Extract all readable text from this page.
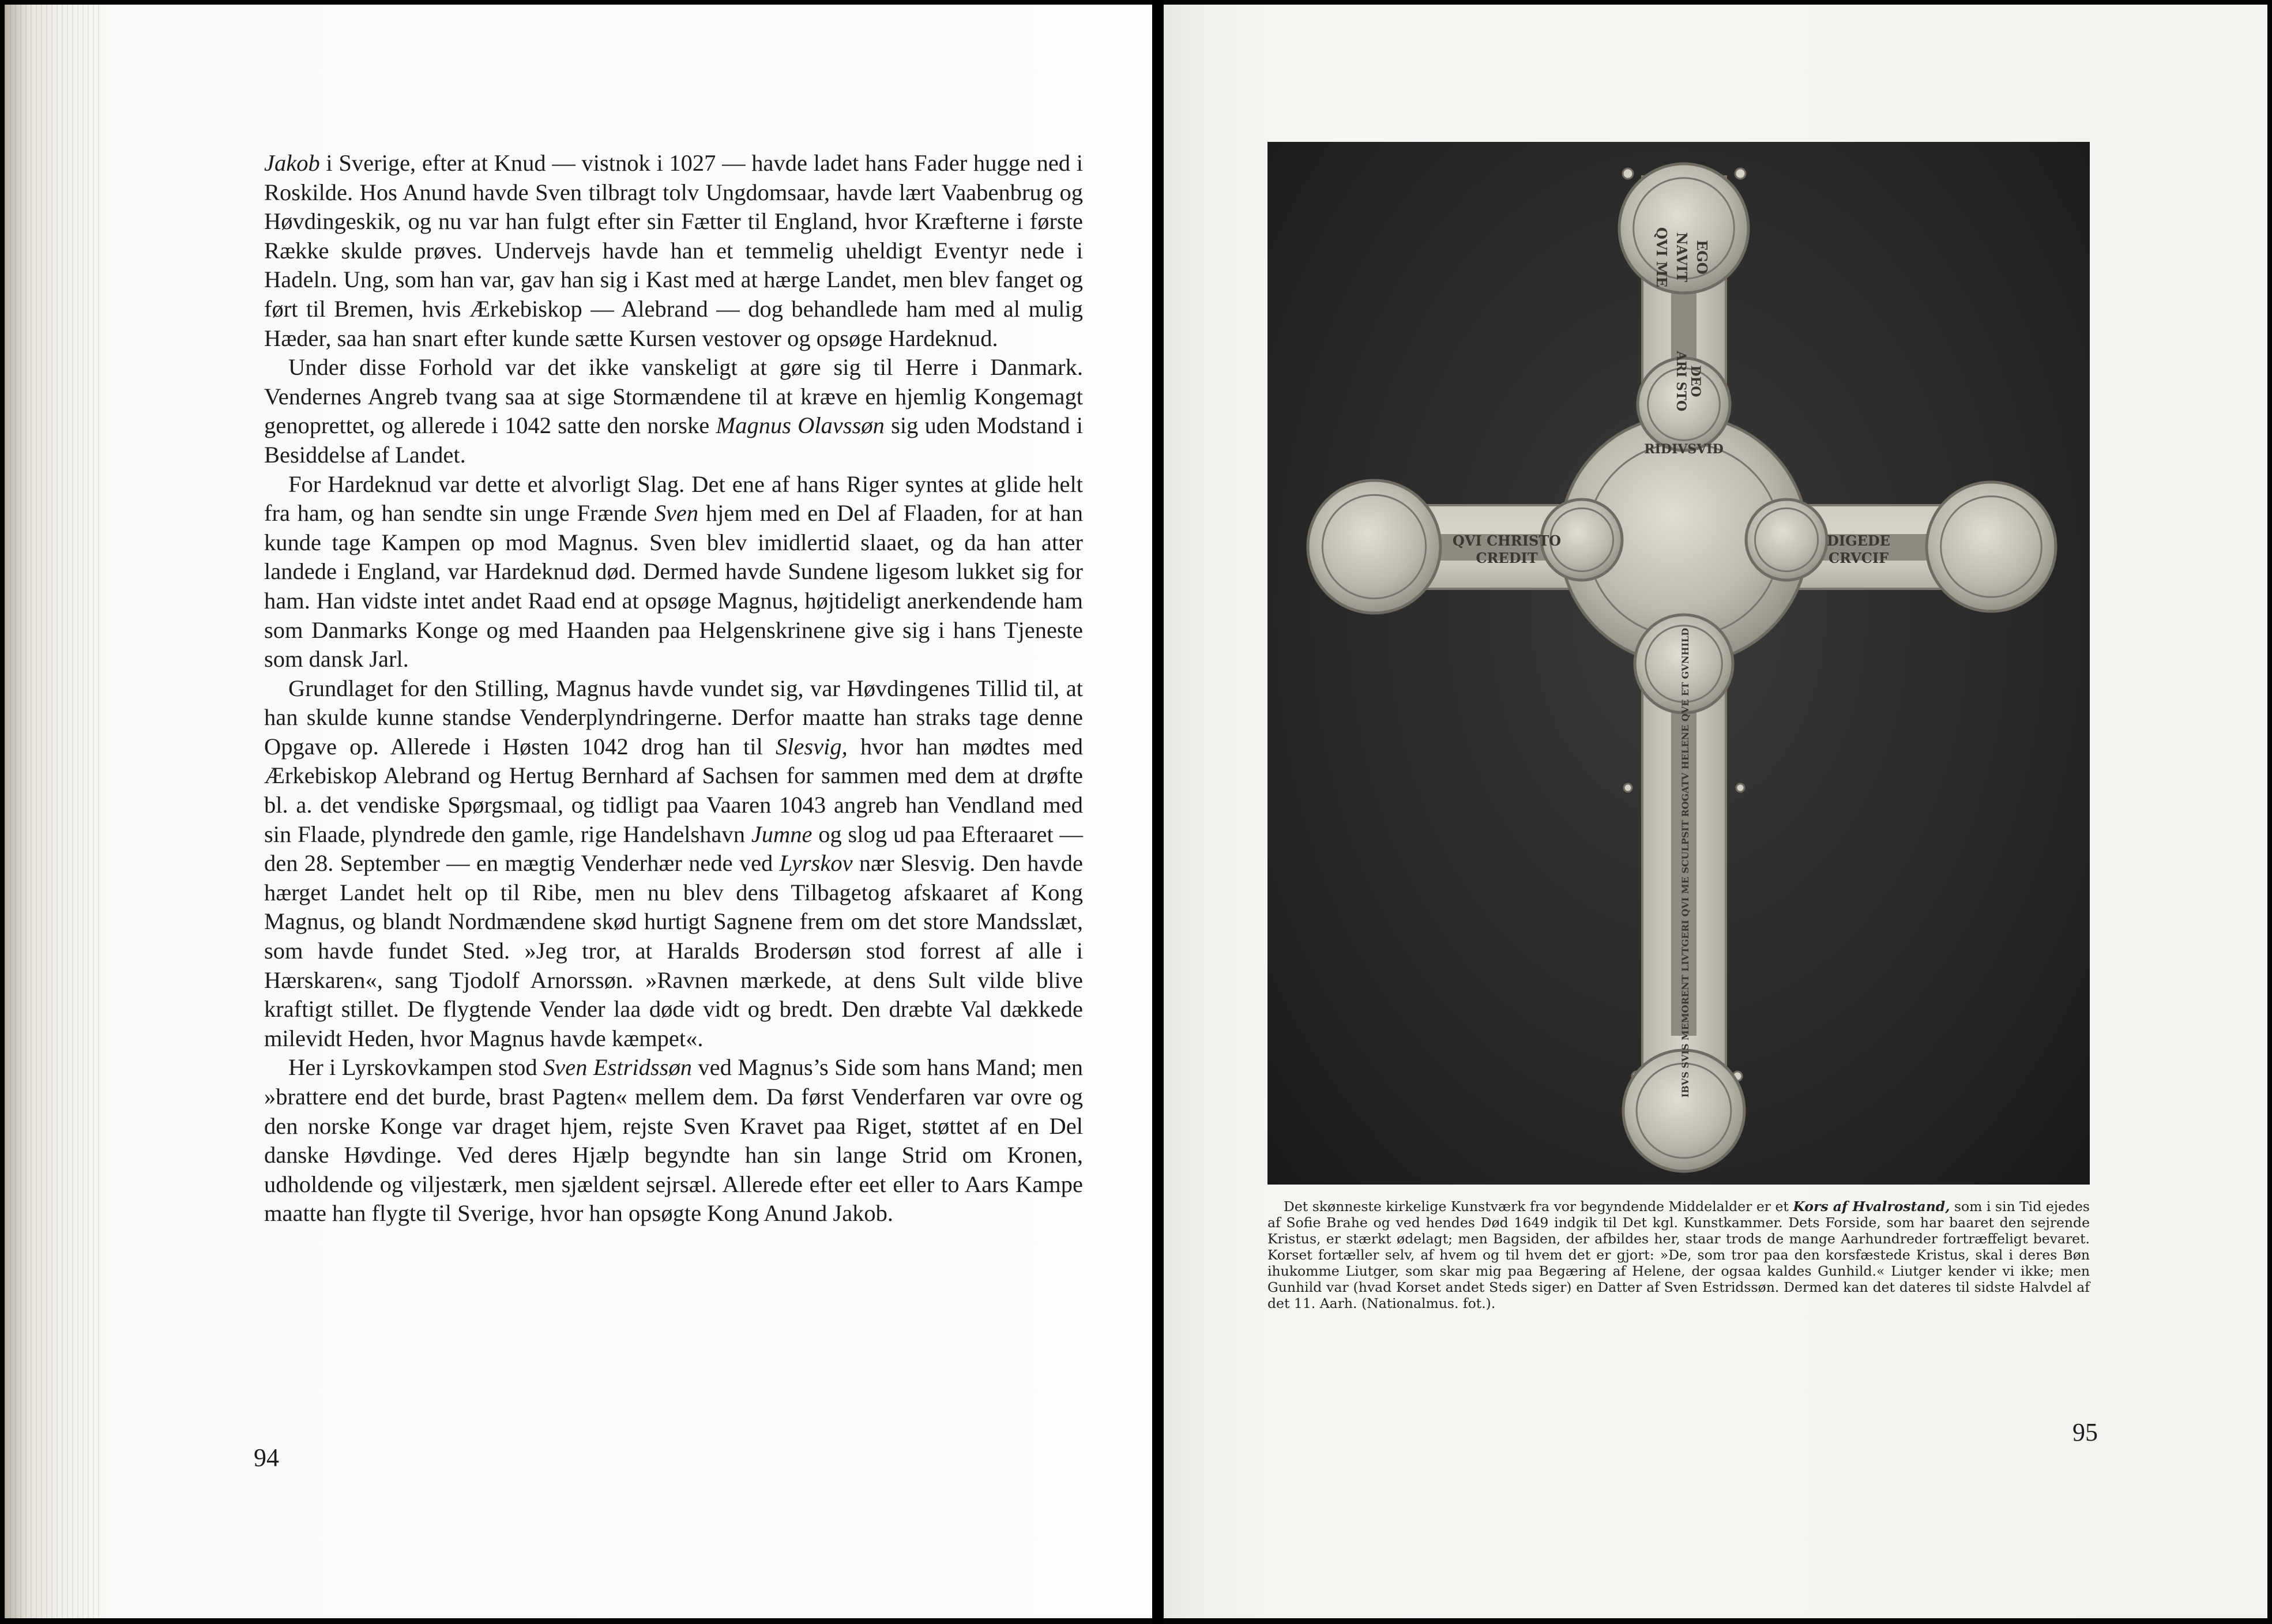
Jakob i Sverige, efter at Knud — vistnok i 1027 — havde ladet hans Fader hugge ned i Roskilde. Hos Anund havde Sven tilbragt tolv Ungdomsaar, havde lært Vaabenbrug og Høvdingeskik, og nu var han fulgt efter sin Fætter til England, hvor Kræfterne i første Række skulde prøves. Undervejs havde han et temmelig uheldigt Eventyr nede i Hadeln. Ung, som han var, gav han sig i Kast med at hærge Landet, men blev fanget og ført til Bremen, hvis Ærkebiskop — Alebrand — dog behandlede ham med al mulig Hæder, saa han snart efter kunde sætte Kursen vestover og opsøge Hardeknud.

Under disse Forhold var det ikke vanskeligt at gøre sig til Herre i Danmark. Vendernes Angreb tvang saa at sige Stormændene til at kræve en hjemlig Kongemagt genoprettet, og allerede i 1042 satte den norske Magnus Olavssøn sig uden Modstand i Besiddelse af Landet.

For Hardeknud var dette et alvorligt Slag. Det ene af hans Riger syntes at glide helt fra ham, og han sendte sin unge Frænde Sven hjem med en Del af Flaaden, for at han kunde tage Kampen op mod Magnus. Sven blev imidlertid slaaet, og da han atter landede i England, var Hardeknud død. Dermed havde Sundene ligesom lukket sig for ham. Han vidste intet andet Raad end at opsøge Magnus, højtideligt anerkendende ham som Danmarks Konge og med Haanden paa Helgenskrinene give sig i hans Tjeneste som dansk Jarl.

Grundlaget for den Stilling, Magnus havde vundet sig, var Høvdingenes Tillid til, at han skulde kunne standse Venderplyndringerne. Derfor maatte han straks tage denne Opgave op. Allerede i Høsten 1042 drog han til Slesvig, hvor han mødtes med Ærkebiskop Alebrand og Hertug Bernhard af Sachsen for sammen med dem at drøfte bl. a. det vendiske Spørgsmaal, og tidligt paa Vaaren 1043 angreb han Vendland med sin Flaade, plyndrede den gamle, rige Handelshavn Jumne og slog ud paa Efteraaret — den 28. September — en mægtig Venderhær nede ved Lyrskov nær Slesvig. Den havde hærget Landet helt op til Ribe, men nu blev dens Tilbagetog afskaaret af Kong Magnus, og blandt Nordmændene skød hurtigt Sagnene frem om det store Mandsslæt, som havde fundet Sted. »Jeg tror, at Haralds Brodersøn stod forrest af alle i Hærskaren«, sang Tjodolf Arnorssøn. »Ravnen mærkede, at dens Sult vilde blive kraftigt stillet. De flygtende Vender laa døde vidt og bredt. Den dræbte Val dækkede milevidt Heden, hvor Magnus havde kæmpet«.

Her i Lyrskovkampen stod Sven Estridssøn ved Magnus’s Side som hans Mand; men »brattere end det burde, brast Pagten« mellem dem. Da først Venderfaren var ovre og den norske Konge var draget hjem, rejste Sven Kravet paa Riget, støttet af en Del danske Høvdinge. Ved deres Hjælp begyndte han sin lange Strid om Kronen, udholdende og viljestærk, men sjældent sejrsæl. Allerede efter eet eller to Aars Kampe maatte han flygte til Sverige, hvor han opsøgte Kong Anund Jakob.

94
QVI ME NAVIT EGO
QVI CHRISTO
CREDIT
DIGEDE
CRVCIF
RIDIVSVID
ARI STO DEO
IBVS SVIS MEMORENT LIVTGERI QVI ME SCULPSIT ROGATV HELENE QVE ET GVNHILD

Det skønneste kirkelige Kunstværk fra vor begyndende Middelalder er et Kors af Hvalrostand, som i sin Tid ejedes af Sofie Brahe og ved hendes Død 1649 indgik til Det kgl. Kunstkammer. Dets Forside, som har baaret den sejrende Kristus, er stærkt ødelagt; men Bagsiden, der afbildes her, staar trods de mange Aarhundreder fortræffeligt bevaret. Korset fortæller selv, af hvem og til hvem det er gjort: »De, som tror paa den korsfæstede Kristus, skal i deres Bøn ihukomme Liutger, som skar mig paa Begæring af Helene, der ogsaa kaldes Gunhild.« Liutger kender vi ikke; men Gunhild var (hvad Korset andet Steds siger) en Datter af Sven Estridssøn. Dermed kan det dateres til sidste Halvdel af det 11. Aarh. (Nationalmus. fot.).

95
